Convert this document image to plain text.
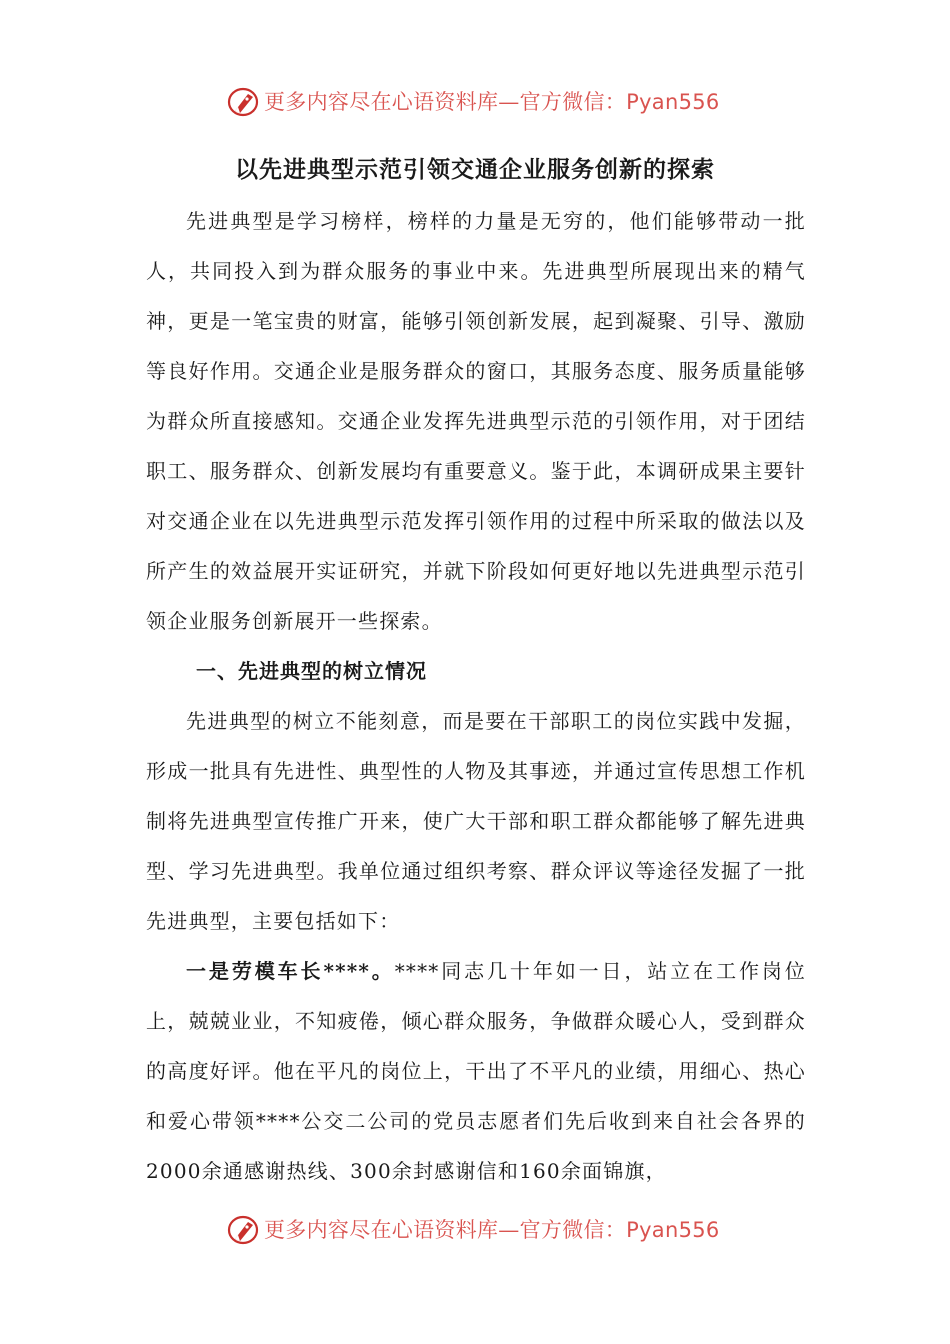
更多内容尽在心语资料库—官方微信：Pyan556
以先进典型示范引领交通企业服务创新的探索

先进典型是学习榜样，榜样的力量是无穷的，他们能够带动一批人，共同投入到为群众服务的事业中来。先进典型所展现出来的精气神，更是一笔宝贵的财富，能够引领创新发展，起到凝聚、引导、激励等良好作用。交通企业是服务群众的窗口，其服务态度、服务质量能够为群众所直接感知。交通企业发挥先进典型示范的引领作用，对于团结职工、服务群众、创新发展均有重要意义。鉴于此，本调研成果主要针对交通企业在以先进典型示范发挥引领作用的过程中所采取的做法以及所产生的效益展开实证研究，并就下阶段如何更好地以先进典型示范引领企业服务创新展开一些探索。

一、先进典型的树立情况

先进典型的树立不能刻意，而是要在干部职工的岗位实践中发掘，形成一批具有先进性、典型性的人物及其事迹，并通过宣传思想工作机制将先进典型宣传推广开来，使广大干部和职工群众都能够了解先进典型、学习先进典型。我单位通过组织考察、群众评议等途径发掘了一批先进典型，主要包括如下：

一是劳模车长****。****同志几十年如一日，站立在工作岗位上，兢兢业业，不知疲倦，倾心群众服务，争做群众暖心人，受到群众的高度好评。他在平凡的岗位上，干出了不平凡的业绩，用细心、热心和爱心带领****公交二公司的党员志愿者们先后收到来自社会各界的2000余通感谢热线、300余封感谢信和160余面锦旗，

更多内容尽在心语资料库—官方微信：Pyan556
